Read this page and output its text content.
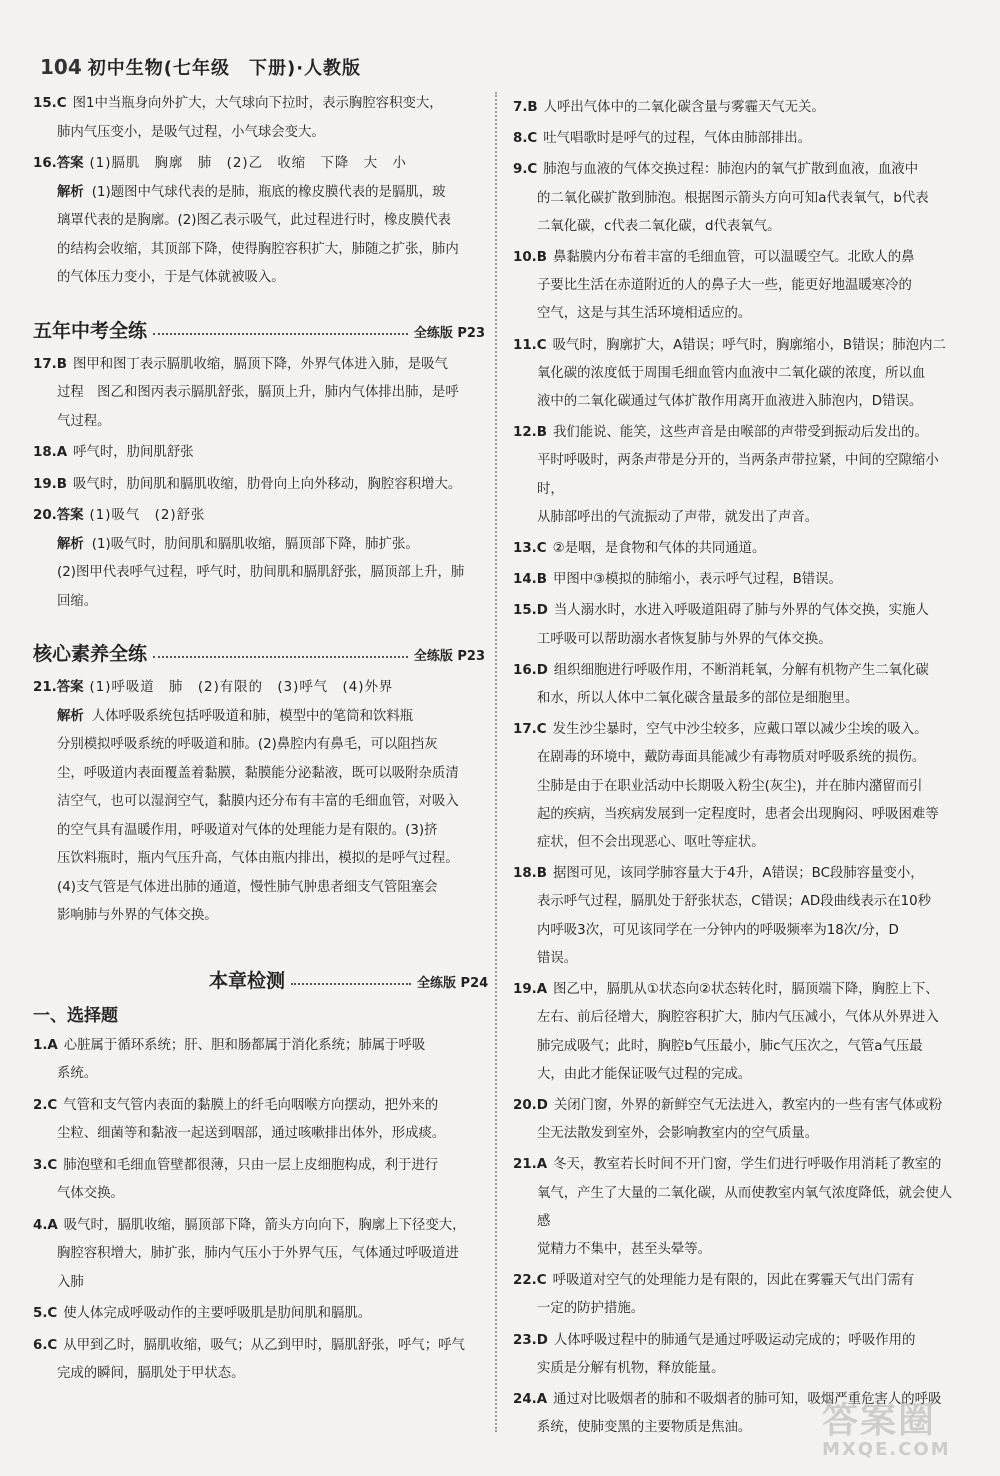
104 初中生物(七年级　下册)·人教版
15.C 图1中当瓶身向外扩大，大气球向下拉时，表示胸腔容积变大，
肺内气压变小，是吸气过程，小气球会变大。
16.答案 (1)膈肌　胸廓　肺　(2)乙　收缩　下降　大　小
解析 (1)题图中气球代表的是肺，瓶底的橡皮膜代表的是膈肌，玻
璃罩代表的是胸廓。(2)图乙表示吸气，此过程进行时，橡皮膜代表
的结构会收缩，其顶部下降，使得胸腔容积扩大，肺随之扩张，肺内
的气体压力变小，于是气体就被吸入。
五年中考全练	全练版 P23
17.B 图甲和图丁表示膈肌收缩，膈顶下降，外界气体进入肺，是吸气
过程　图乙和图丙表示膈肌舒张，膈顶上升，肺内气体排出肺，是呼
气过程。
18.A 呼气时，肋间肌舒张
19.B 吸气时，肋间肌和膈肌收缩，肋骨向上向外移动，胸腔容积增大。
20.答案 (1)吸气　(2)舒张
解析 (1)吸气时，肋间肌和膈肌收缩，膈顶部下降，肺扩张。
(2)图甲代表呼气过程，呼气时，肋间肌和膈肌舒张，膈顶部上升，肺
回缩。
核心素养全练	全练版 P23
21.答案 (1)呼吸道　肺　(2)有限的　(3)呼气　(4)外界
解析 人体呼吸系统包括呼吸道和肺，模型中的笔筒和饮料瓶
分别模拟呼吸系统的呼吸道和肺。(2)鼻腔内有鼻毛，可以阻挡灰
尘，呼吸道内表面覆盖着黏膜，黏膜能分泌黏液，既可以吸附杂质清
洁空气，也可以湿润空气，黏膜内还分布有丰富的毛细血管，对吸入
的空气具有温暖作用，呼吸道对气体的处理能力是有限的。(3)挤
压饮料瓶时，瓶内气压升高，气体由瓶内排出，模拟的是呼气过程。
(4)支气管是气体进出肺的通道，慢性肺气肿患者细支气管阻塞会
影响肺与外界的气体交换。
本章检测	全练版 P24
一、选择题
1.A 心脏属于循环系统；肝、胆和肠都属于消化系统；肺属于呼吸
系统。
2.C 气管和支气管内表面的黏膜上的纤毛向咽喉方向摆动，把外来的
尘粒、细菌等和黏液一起送到咽部，通过咳嗽排出体外，形成痰。
3.C 肺泡壁和毛细血管壁都很薄，只由一层上皮细胞构成，利于进行
气体交换。
4.A 吸气时，膈肌收缩，膈顶部下降，箭头方向向下，胸廓上下径变大，
胸腔容积增大，肺扩张，肺内气压小于外界气压，气体通过呼吸道进
入肺
5.C 使人体完成呼吸动作的主要呼吸肌是肋间肌和膈肌。
6.C 从甲到乙时，膈肌收缩，吸气；从乙到甲时，膈肌舒张，呼气；呼气
完成的瞬间，膈肌处于甲状态。
7.B 人呼出气体中的二氧化碳含量与雾霾天气无关。
8.C 吐气唱歌时是呼气的过程，气体由肺部排出。
9.C 肺泡与血液的气体交换过程：肺泡内的氧气扩散到血液，血液中
的二氧化碳扩散到肺泡。根据图示箭头方向可知a代表氧气，b代表
二氧化碳，c代表二氧化碳，d代表氧气。
10.B 鼻黏膜内分布着丰富的毛细血管，可以温暖空气。北欧人的鼻
子要比生活在赤道附近的人的鼻子大一些，能更好地温暖寒冷的
空气，这是与其生活环境相适应的。
11.C 吸气时，胸廓扩大，A错误；呼气时，胸廓缩小，B错误；肺泡内二
氧化碳的浓度低于周围毛细血管内血液中二氧化碳的浓度，所以血
液中的二氧化碳通过气体扩散作用离开血液进入肺泡内，D错误。
12.B 我们能说、能笑，这些声音是由喉部的声带受到振动后发出的。
平时呼吸时，两条声带是分开的，当两条声带拉紧，中间的空隙缩小时，
从肺部呼出的气流振动了声带，就发出了声音。
13.C ②是咽，是食物和气体的共同通道。
14.B 甲图中③模拟的肺缩小，表示呼气过程，B错误。
15.D 当人溺水时，水进入呼吸道阻碍了肺与外界的气体交换，实施人
工呼吸可以帮助溺水者恢复肺与外界的气体交换。
16.D 组织细胞进行呼吸作用，不断消耗氧，分解有机物产生二氧化碳
和水，所以人体中二氧化碳含量最多的部位是细胞里。
17.C 发生沙尘暴时，空气中沙尘较多，应戴口罩以减少尘埃的吸入。
在剧毒的环境中，戴防毒面具能减少有毒物质对呼吸系统的损伤。
尘肺是由于在职业活动中长期吸入粉尘(灰尘)，并在肺内潴留而引
起的疾病，当疾病发展到一定程度时，患者会出现胸闷、呼吸困难等
症状，但不会出现恶心、呕吐等症状。
18.B 据图可见，该同学肺容量大于4升，A错误；BC段肺容量变小，
表示呼气过程，膈肌处于舒张状态，C错误；AD段曲线表示在10秒
内呼吸3次，可见该同学在一分钟内的呼吸频率为18次/分，D
错误。
19.A 图乙中，膈肌从①状态向②状态转化时，膈顶端下降，胸腔上下、
左右、前后径增大，胸腔容积扩大，肺内气压减小，气体从外界进入
肺完成吸气；此时，胸腔b气压最小，肺c气压次之，气管a气压最
大，由此才能保证吸气过程的完成。
20.D 关闭门窗，外界的新鲜空气无法进入，教室内的一些有害气体或粉
尘无法散发到室外，会影响教室内的空气质量。
21.A 冬天，教室若长时间不开门窗，学生们进行呼吸作用消耗了教室的
氧气，产生了大量的二氧化碳，从而使教室内氧气浓度降低，就会使人感
觉精力不集中，甚至头晕等。
22.C 呼吸道对空气的处理能力是有限的，因此在雾霾天气出门需有
一定的防护措施。
23.D 人体呼吸过程中的肺通气是通过呼吸运动完成的；呼吸作用的
实质是分解有机物，释放能量。
24.A 通过对比吸烟者的肺和不吸烟者的肺可知，吸烟严重危害人的呼吸
系统，使肺变黑的主要物质是焦油。	答案圈
MXQE.COM
